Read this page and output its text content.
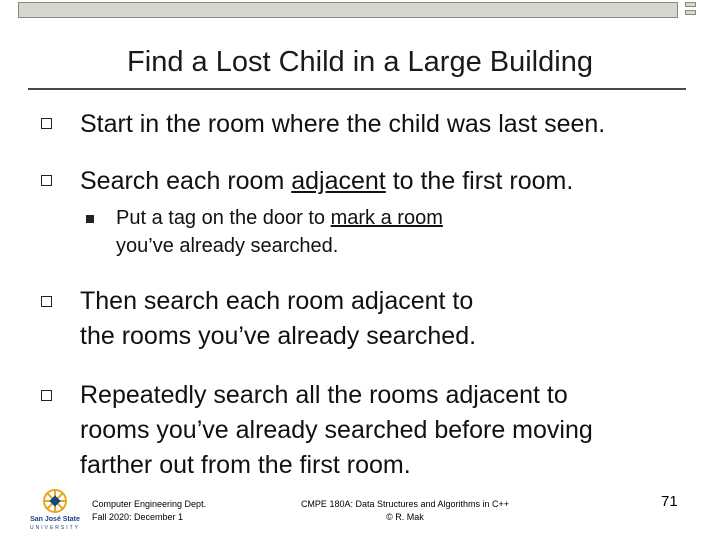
Find a Lost Child in a Large Building
Start in the room where the child was last seen.
Search each room adjacent to the first room.
Put a tag on the door to mark a room
you’ve already searched.
Then search each room adjacent to
the rooms you’ve already searched.
Repeatedly search all the rooms adjacent to
rooms you’ve already searched before moving
farther out from the first room.
San José State
UNIVERSITY
Computer Engineering Dept.
Fall 2020: December 1
CMPE 180A: Data Structures and Algorithms in C++
© R. Mak
71
